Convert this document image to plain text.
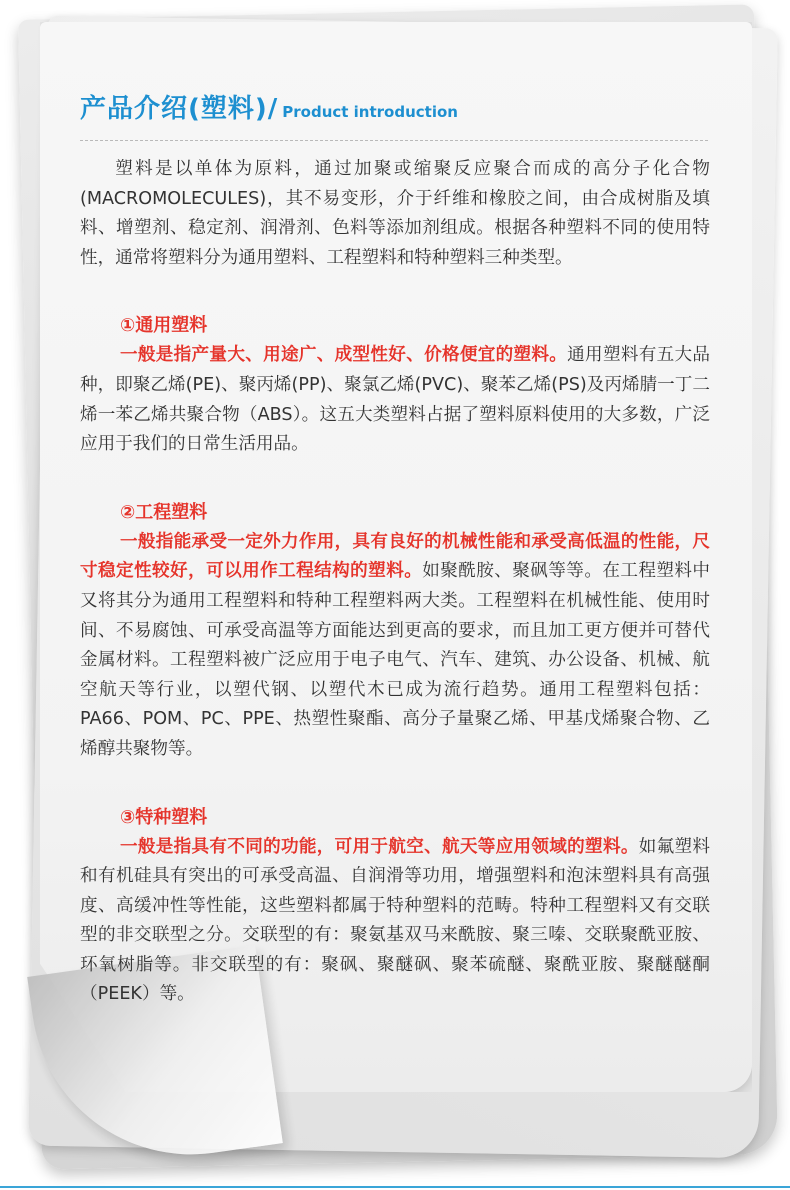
产品介绍(塑料)/ Product introduction

塑料是以单体为原料，通过加聚或缩聚反应聚合而成的高分子化合物(MACROMOLECULES)，其不易变形，介于纤维和橡胶之间，由合成树脂及填料、增塑剂、稳定剂、润滑剂、色料等添加剂组成。根据各种塑料不同的使用特性，通常将塑料分为通用塑料、工程塑料和特种塑料三种类型。

①通用塑料

一般是指产量大、用途广、成型性好、价格便宜的塑料。通用塑料有五大品种，即聚乙烯(PE)、聚丙烯(PP)、聚氯乙烯(PVC)、聚苯乙烯(PS)及丙烯腈一丁二烯一苯乙烯共聚合物（ABS）。这五大类塑料占据了塑料原料使用的大多数，广泛应用于我们的日常生活用品。

②工程塑料

一般指能承受一定外力作用，具有良好的机械性能和承受高低温的性能，尺寸稳定性较好，可以用作工程结构的塑料。如聚酰胺、聚砜等等。在工程塑料中又将其分为通用工程塑料和特种工程塑料两大类。工程塑料在机械性能、使用时间、不易腐蚀、可承受高温等方面能达到更高的要求，而且加工更方便并可替代金属材料。工程塑料被广泛应用于电子电气、汽车、建筑、办公设备、机械、航空航天等行业，以塑代钢、以塑代木已成为流行趋势。通用工程塑料包括：PA66、POM、PC、PPE、热塑性聚酯、高分子量聚乙烯、甲基戊烯聚合物、乙烯醇共聚物等。

③特种塑料

一般是指具有不同的功能，可用于航空、航天等应用领域的塑料。如氟塑料和有机硅具有突出的可承受高温、自润滑等功用，增强塑料和泡沫塑料具有高强度、高缓冲性等性能，这些塑料都属于特种塑料的范畴。特种工程塑料又有交联型的非交联型之分。交联型的有：聚氨基双马来酰胺、聚三嗪、交联聚酰亚胺、环氧树脂等。非交联型的有：聚砜、聚醚砜、聚苯硫醚、聚酰亚胺、聚醚醚酮（PEEK）等。
